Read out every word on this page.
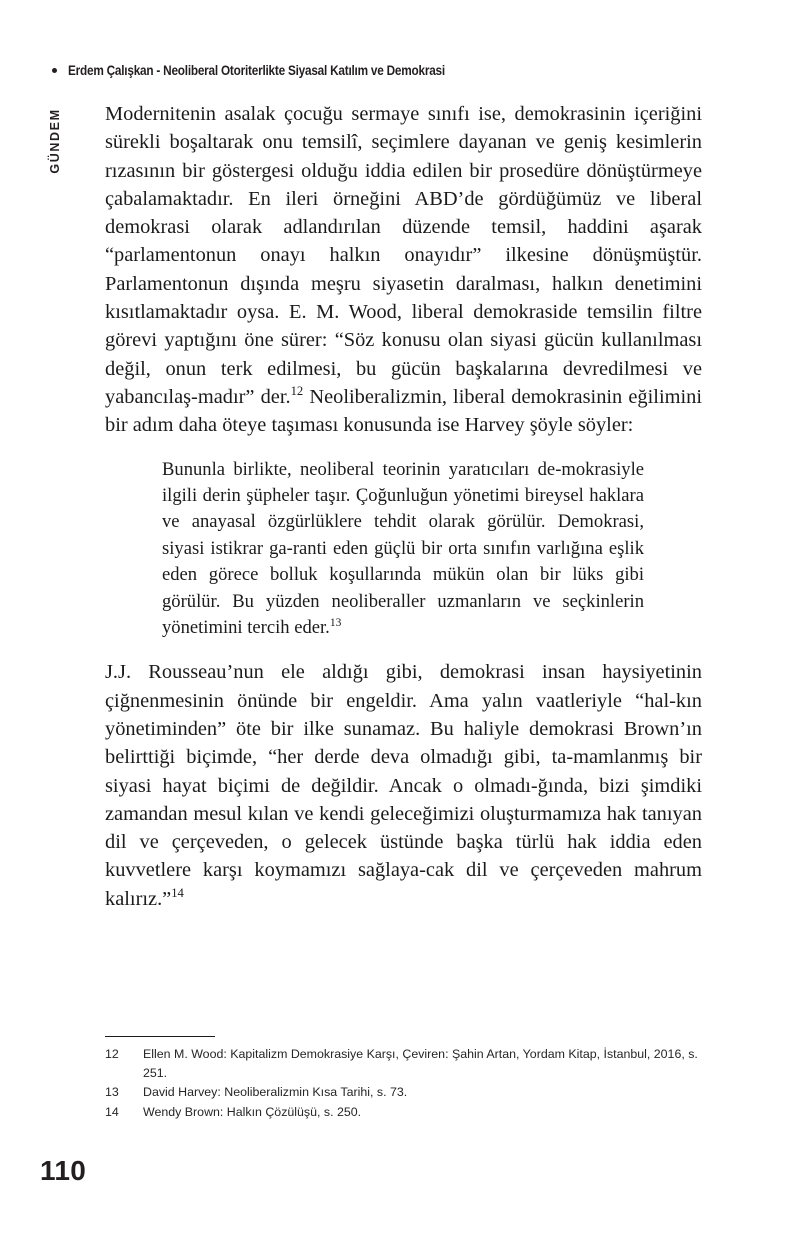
Erdem Çalışkan - Neoliberal Otoriterlikte Siyasal Katılım ve Demokrasi
GÜNDEM Modernitenin asalak çocuğu sermaye sınıfı ise, demokrasinin içeriğini sürekli boşaltarak onu temsilî, seçimlere dayanan ve geniş kesimlerin rızasının bir göstergesi olduğu iddia edilen bir prosedüre dönüştürmeye çabalamaktadır. En ileri örneğini ABD’de gördüğümüz ve liberal demokrasi olarak adlandırılan düzende temsil, haddini aşarak “parlamentonun onayı halkın onayıdır” ilkesine dönüşmüştür. Parlamentonun dışında meşru siyasetin daralması, halkın denetimini kısıtlamaktadır oysa. E. M. Wood, liberal demokraside temsilin filtre görevi yaptığını öne sürer: “Söz konusu olan siyasi gücün kullanılması değil, onun terk edilmesi, bu gücün başkalarına devredilmesi ve yabancılaş-madır” der.$^{12}$ Neoliberalizmin, liberal demokrasinin eğilimini bir adım daha öteye taşıması konusunda ise Harvey şöyle söyler:

Bununla birlikte, neoliberal teorinin yaratıcıları de-mokrasiyle ilgili derin şüpheler taşır. Çoğunluğun yönetimi bireysel haklara ve anayasal özgürlüklere tehdit olarak görülür. Demokrasi, siyasi istikrar ga-ranti eden güçlü bir orta sınıfın varlığına eşlik eden görece bolluk koşullarında mükün olan bir lüks gibi görülür. Bu yüzden neoliberaller uzmanların ve seçkinlerin yönetimini tercih eder.$^{13}$

J.J. Rousseau’nun ele aldığı gibi, demokrasi insan haysiyetinin çiğnenmesinin önünde bir engeldir. Ama yalın vaatleriyle “hal-kın yönetiminden” öte bir ilke sunamaz. Bu haliyle demokrasi Brown’ın belirttiği biçimde, “her derde deva olmadığı gibi, ta-mamlanmış bir siyasi hayat biçimi de değildir. Ancak o olmadı-ğında, bizi şimdiki zamandan mesul kılan ve kendi geleceğimizi oluşturmamıza hak tanıyan dil ve çerçeveden, o gelecek üstünde başka türlü hak iddia eden kuvvetlere karşı koymamızı sağlaya-cak dil ve çerçeveden mahrum kalırız.”$^{14}$

12	Ellen M. Wood: Kapitalizm Demokrasiye Karşı, Çeviren: Şahin Artan, Yordam Kitap, İstanbul, 2016, s. 251.
13	David Harvey: Neoliberalizmin Kısa Tarihi, s. 73.
14	Wendy Brown: Halkın Çözülüşü, s. 250.
110
